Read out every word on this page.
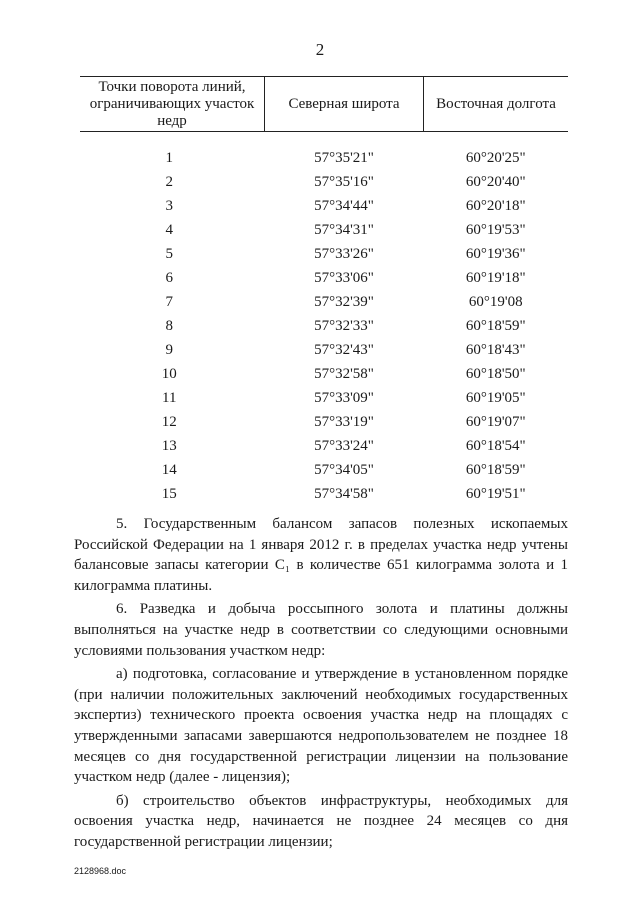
2
Точки поворота линий, ограничивающих участок недр	Северная широта	Восточная долгота
1	57°35'21"	60°20'25"
2	57°35'16"	60°20'40"
3	57°34'44"	60°20'18"
4	57°34'31"	60°19'53"
5	57°33'26"	60°19'36"
6	57°33'06"	60°19'18"
7	57°32'39"	60°19'08
8	57°32'33"	60°18'59"
9	57°32'43"	60°18'43"
10	57°32'58"	60°18'50"
11	57°33'09"	60°19'05"
12	57°33'19"	60°19'07"
13	57°33'24"	60°18'54"
14	57°34'05"	60°18'59"
15	57°34'58"	60°19'51"

5. Государственным балансом запасов полезных ископаемых Российской Федерации на 1 января 2012 г. в пределах участка недр учтены балансовые запасы категории C₁ в количестве 651 килограмма золота и 1 килограмма платины.

6. Разведка и добыча россыпного золота и платины должны выполняться на участке недр в соответствии со следующими основными условиями пользования участком недр:

а) подготовка, согласование и утверждение в установленном порядке (при наличии положительных заключений необходимых государственных экспертиз) технического проекта освоения участка недр на площадях с утвержденными запасами завершаются недропользователем не позднее 18 месяцев со дня государственной регистрации лицензии на пользование участком недр (далее - лицензия);

б) строительство объектов инфраструктуры, необходимых для освоения участка недр, начинается не позднее 24 месяцев со дня государственной регистрации лицензии;

2128968.doc
